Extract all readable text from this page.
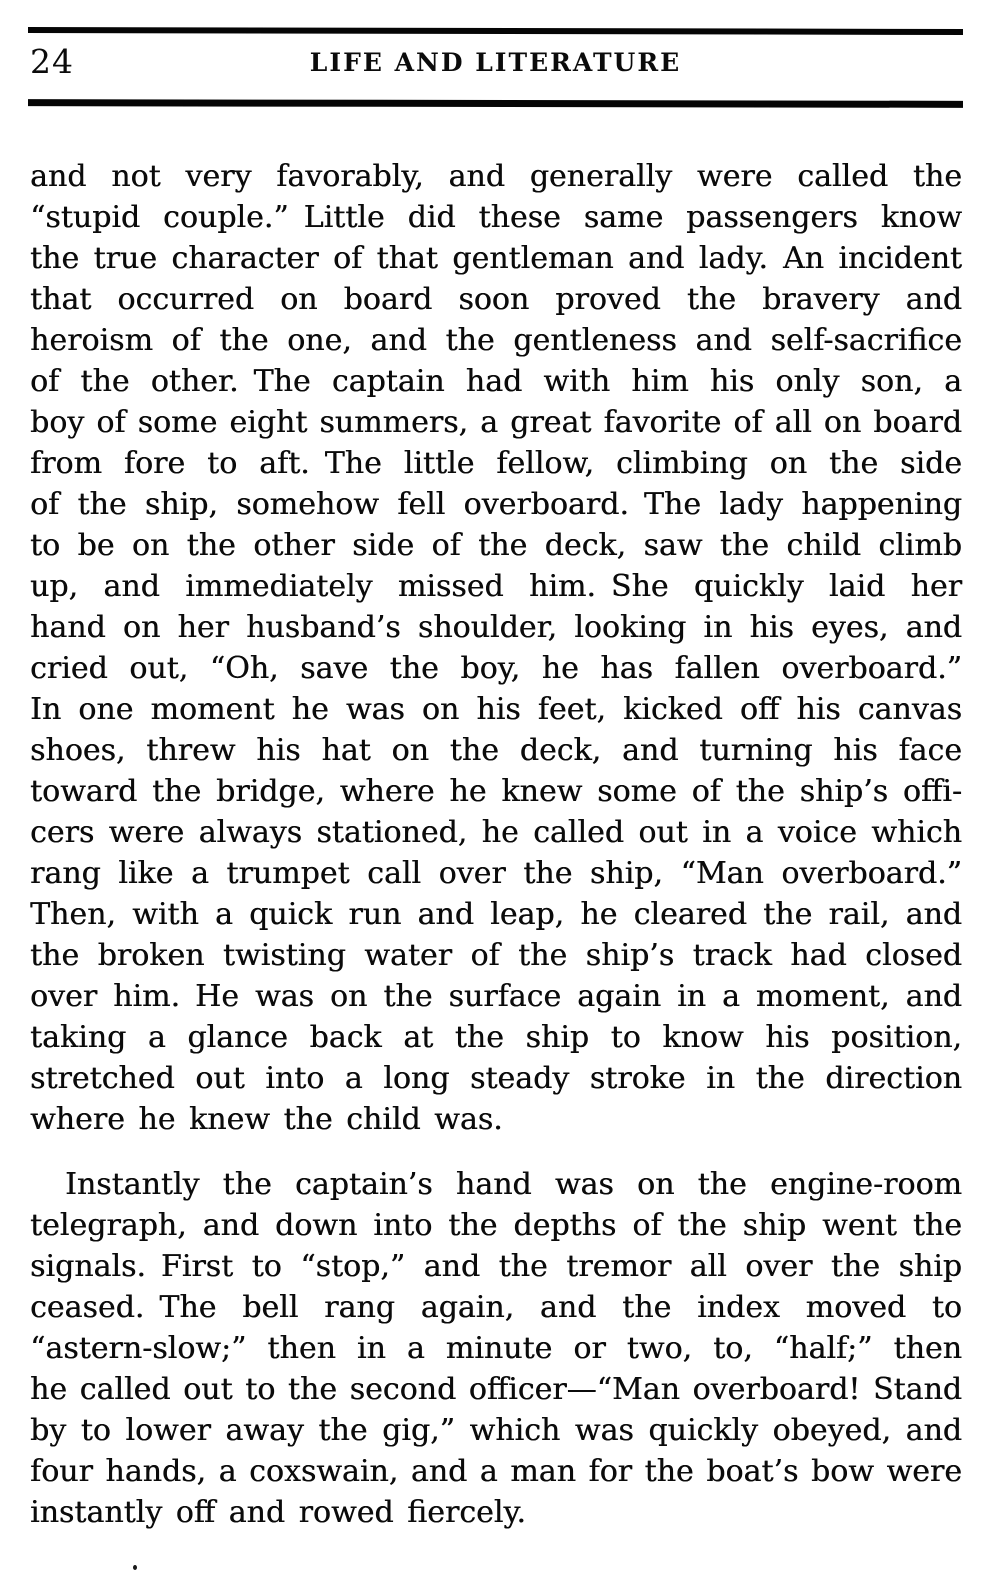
24	LIFE AND LITERATURE
and not very favorably, and generally were called the
“stupid couple.” Little did these same passengers know
the true character of that gentleman and lady. An incident
that occurred on board soon proved the bravery and
heroism of the one, and the gentleness and self-sacrifice
of the other. The captain had with him his only son, a
boy of some eight summers, a great favorite of all on board
from fore to aft. The little fellow, climbing on the side
of the ship, somehow fell overboard. The lady happening
to be on the other side of the deck, saw the child climb
up, and immediately missed him. She quickly laid her
hand on her husband’s shoulder, looking in his eyes, and
cried out, “Oh, save the boy, he has fallen overboard.”
In one moment he was on his feet, kicked off his canvas
shoes, threw his hat on the deck, and turning his face
toward the bridge, where he knew some of the ship’s offi-
cers were always stationed, he called out in a voice which
rang like a trumpet call over the ship, “Man overboard.”
Then, with a quick run and leap, he cleared the rail, and
the broken twisting water of the ship’s track had closed
over him. He was on the surface again in a moment, and
taking a glance back at the ship to know his position,
stretched out into a long steady stroke in the direction
where he knew the child was.
Instantly the captain’s hand was on the engine-room
telegraph, and down into the depths of the ship went the
signals. First to “stop,” and the tremor all over the ship
ceased. The bell rang again, and the index moved to
“astern-slow;” then in a minute or two, to, “half;” then
he called out to the second officer—“Man overboard! Stand
by to lower away the gig,” which was quickly obeyed, and
four hands, a coxswain, and a man for the boat’s bow were
instantly off and rowed fiercely.
